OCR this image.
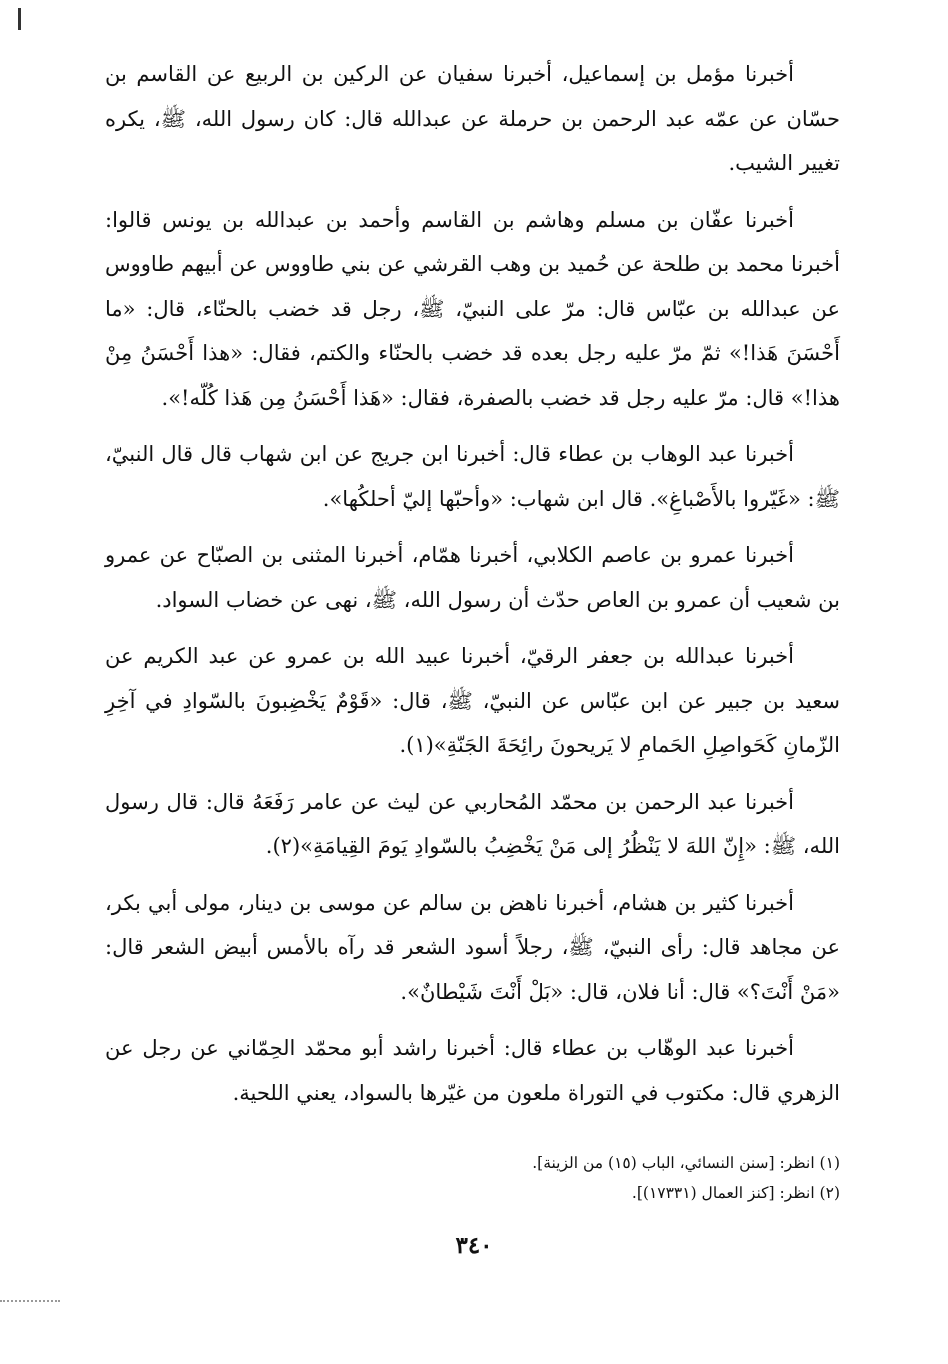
أخبرنا مؤمل بن إسماعيل، أخبرنا سفيان عن الركين بن الربيع عن القاسم بن حسّان عن عمّه عبد الرحمن بن حرملة عن عبدالله قال: كان رسول الله، ﷺ، يكره تغيير الشيب.

أخبرنا عفّان بن مسلم وهاشم بن القاسم وأحمد بن عبدالله بن يونس قالوا: أخبرنا محمد بن طلحة عن حُميد بن وهب القرشي عن بني طاووس عن أبيهم طاووس عن عبدالله بن عبّاس قال: مرّ على النبيّ، ﷺ، رجل قد خضب بالحنّاء، قال: «ما أَحْسَنَ هَذا!» ثمّ مرّ عليه رجل بعده قد خضب بالحنّاء والكتم، فقال: «هذا أَحْسَنُ مِنْ هذا!» قال: مرّ عليه رجل قد خضب بالصفرة، فقال: «هَذا أَحْسَنُ مِن هَذا كُلّه!».

أخبرنا عبد الوهاب بن عطاء قال: أخبرنا ابن جريج عن ابن شهاب قال قال النبيّ، ﷺ: «غَيّروا بالأَصْباغِ». قال ابن شهاب: «وأحبّها إليّ أحلكُها».

أخبرنا عمرو بن عاصم الكلابي، أخبرنا همّام، أخبرنا المثنى بن الصبّاح عن عمرو بن شعيب أن عمرو بن العاص حدّث أن رسول الله، ﷺ، نهى عن خضاب السواد.

أخبرنا عبدالله بن جعفر الرقيّ، أخبرنا عبيد الله بن عمرو عن عبد الكريم عن سعيد بن جبير عن ابن عبّاس عن النبيّ، ﷺ، قال: «قَوْمٌ يَخْضِبونَ بالسّوادِ في آخِرِ الزّمانِ كَحَواصِلِ الحَمامِ لا يَريحونَ رائِحَةَ الجَنّةِ»(١).

أخبرنا عبد الرحمن بن محمّد المُحاربي عن ليث عن عامر رَفَعَهُ قال: قال رسول الله، ﷺ: «إِنّ اللهَ لا يَنْظُرُ إلى مَنْ يَخْضِبُ بالسّوادِ يَومَ القِيامَةِ»(٢).

أخبرنا كثير بن هشام، أخبرنا ناهض بن سالم عن موسى بن دينار، مولى أبي بكر، عن مجاهد قال: رأى النبيّ، ﷺ، رجلاً أسود الشعر قد رآه بالأمس أبيض الشعر قال: «مَنْ أَنْتَ؟» قال: أنا فلان، قال: «بَلْ أَنْتَ شَيْطانٌ».

أخبرنا عبد الوهّاب بن عطاء قال: أخبرنا راشد أبو محمّد الحِمّاني عن رجل عن الزهري قال: مكتوب في التوراة ملعون من غيّرها بالسواد، يعني اللحية.

(١) انظر: [سنن النسائي، الباب (١٥) من الزينة].

(٢) انظر: [كنز العمال (١٧٣٣١)].

٣٤٠
